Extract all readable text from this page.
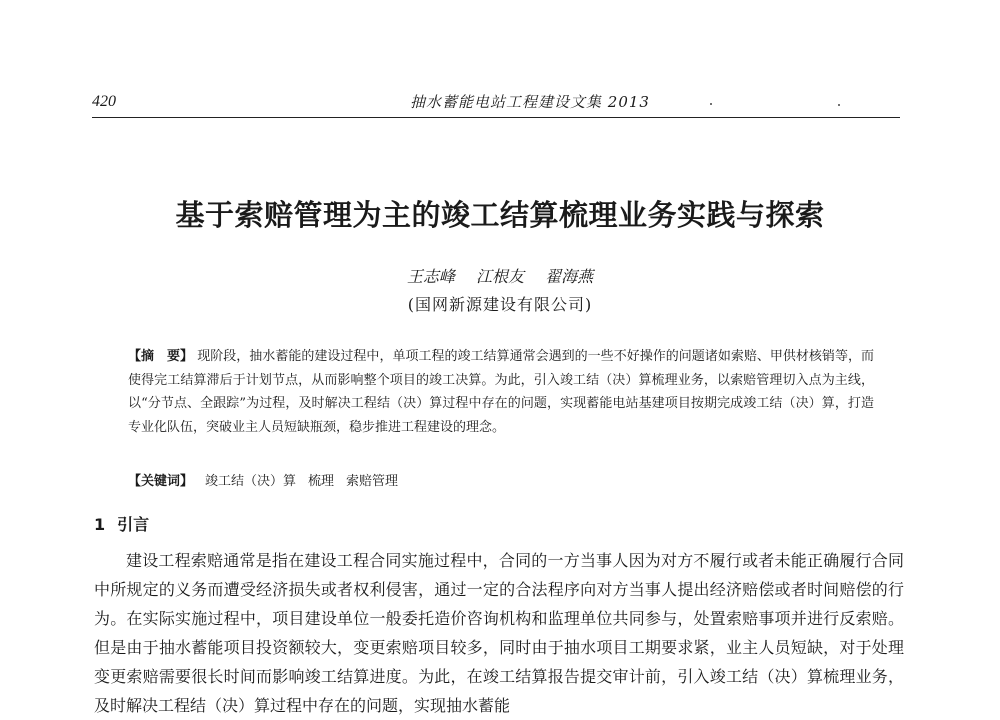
420	抽水蓄能电站工程建设文集 2013
基于索赔管理为主的竣工结算梳理业务实践与探索
王志峰 江根友 翟海燕
(国网新源建设有限公司)
【摘　要】 现阶段，抽水蓄能的建设过程中，单项工程的竣工结算通常会遇到的一些不好操作的问题诸如索赔、甲供材核销等，而使得完工结算滞后于计划节点，从而影响整个项目的竣工决算。为此，引入竣工结（决）算梳理业务，以索赔管理切入点为主线，以“分节点、全跟踪”为过程，及时解决工程结（决）算过程中存在的问题，实现蓄能电站基建项目按期完成竣工结（决）算，打造专业化队伍，突破业主人员短缺瓶颈，稳步推进工程建设的理念。
【关键词】 竣工结（决）算 梳理 索赔管理
1 引言
建设工程索赔通常是指在建设工程合同实施过程中，合同的一方当事人因为对方不履行或者未能正确履行合同中所规定的义务而遭受经济损失或者权利侵害，通过一定的合法程序向对方当事人提出经济赔偿或者时间赔偿的行为。在实际实施过程中，项目建设单位一般委托造价咨询机构和监理单位共同参与，处置索赔事项并进行反索赔。但是由于抽水蓄能项目投资额较大，变更索赔项目较多，同时由于抽水项目工期要求紧，业主人员短缺，对于处理变更索赔需要很长时间而影响竣工结算进度。为此，在竣工结算报告提交审计前，引入竣工结（决）算梳理业务，及时解决工程结（决）算过程中存在的问题，实现抽水蓄能
